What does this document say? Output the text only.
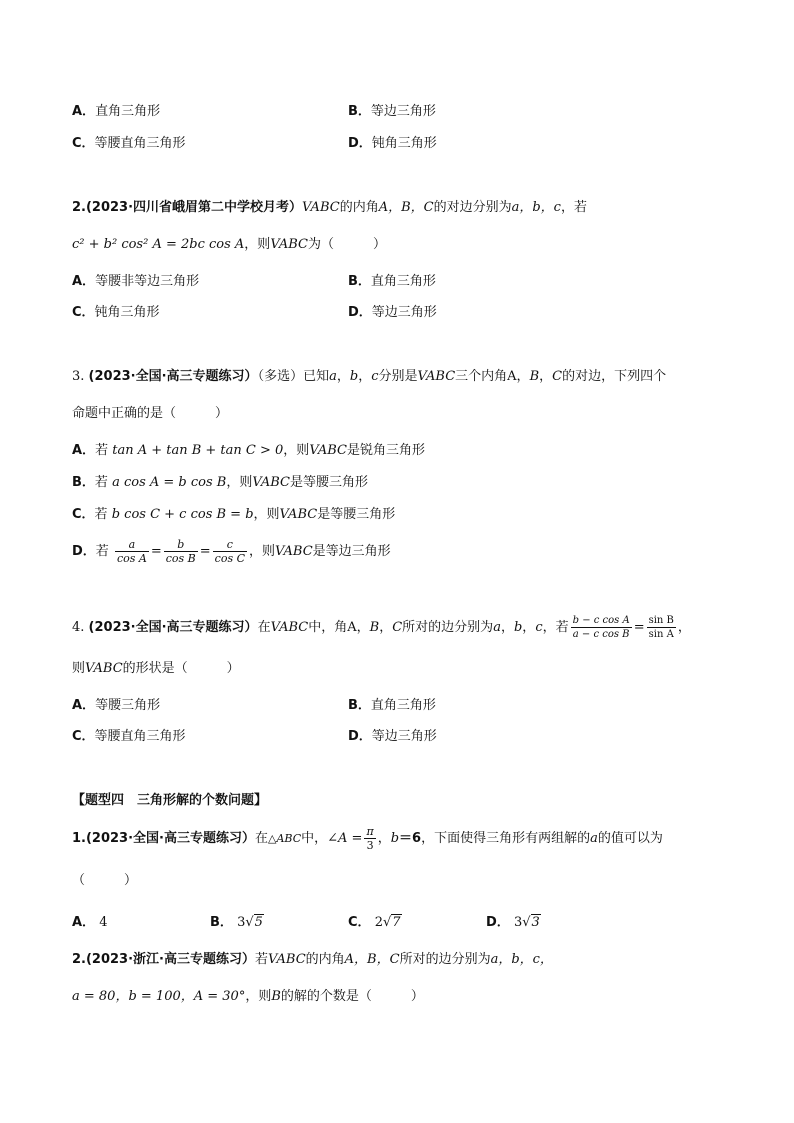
A．直角三角形	B．等边三角形
C．等腰直角三角形	D．钝角三角形
2.(2023·四川省峨眉第二中学校月考）VABC的内角A，B，C的对边分别为a，b，c，若
c² + b² cos² A = 2bc cos A，则VABC为（　　　）
A．等腰非等边三角形	B．直角三角形
C．钝角三角形	D．等边三角形
3. (2023·全国·高三专题练习）（多选）已知a，b，c分别是VABC三个内角A，B，C的对边，下列四个
命题中正确的是（　　　）
A．若 tan A + tan B + tan C > 0，则VABC是锐角三角形
B．若 a cos A = b cos B，则VABC是等腰三角形
C．若 b cos C + c cos B = b，则VABC是等腰三角形
D．若 $\frac{a}{\text{cos A}} = \frac{b}{\text{cos B}} = \frac{c}{\text{cos C}}$ ，则VABC是等边三角形
4. (2023·全国·高三专题练习）在VABC中，角A，B，C所对的边分别为a，b，c，若 $\frac{\text{b − c cos A}}{\text{a − c cos B}} = \frac{\text{sin B}}{\text{sin A}}$ ，
则VABC的形状是（　　　）
A．等腰三角形	B．直角三角形
C．等腰直角三角形	D．等边三角形
【题型四　三角形解的个数问题】
1.(2023·全国·高三专题练习）在△ABC中，∠A = $\frac{\pi}{3}$ ，b＝6，下面使得三角形有两组解的a的值可以为
（　　　）
A． 4	B． 3√5	C． 2√7	D． 3√3
2.(2023·浙江·高三专题练习）若VABC的内角A，B，C所对的边分别为a，b，c，
a = 80，b = 100，A = 30°，则B的解的个数是（　　　）
